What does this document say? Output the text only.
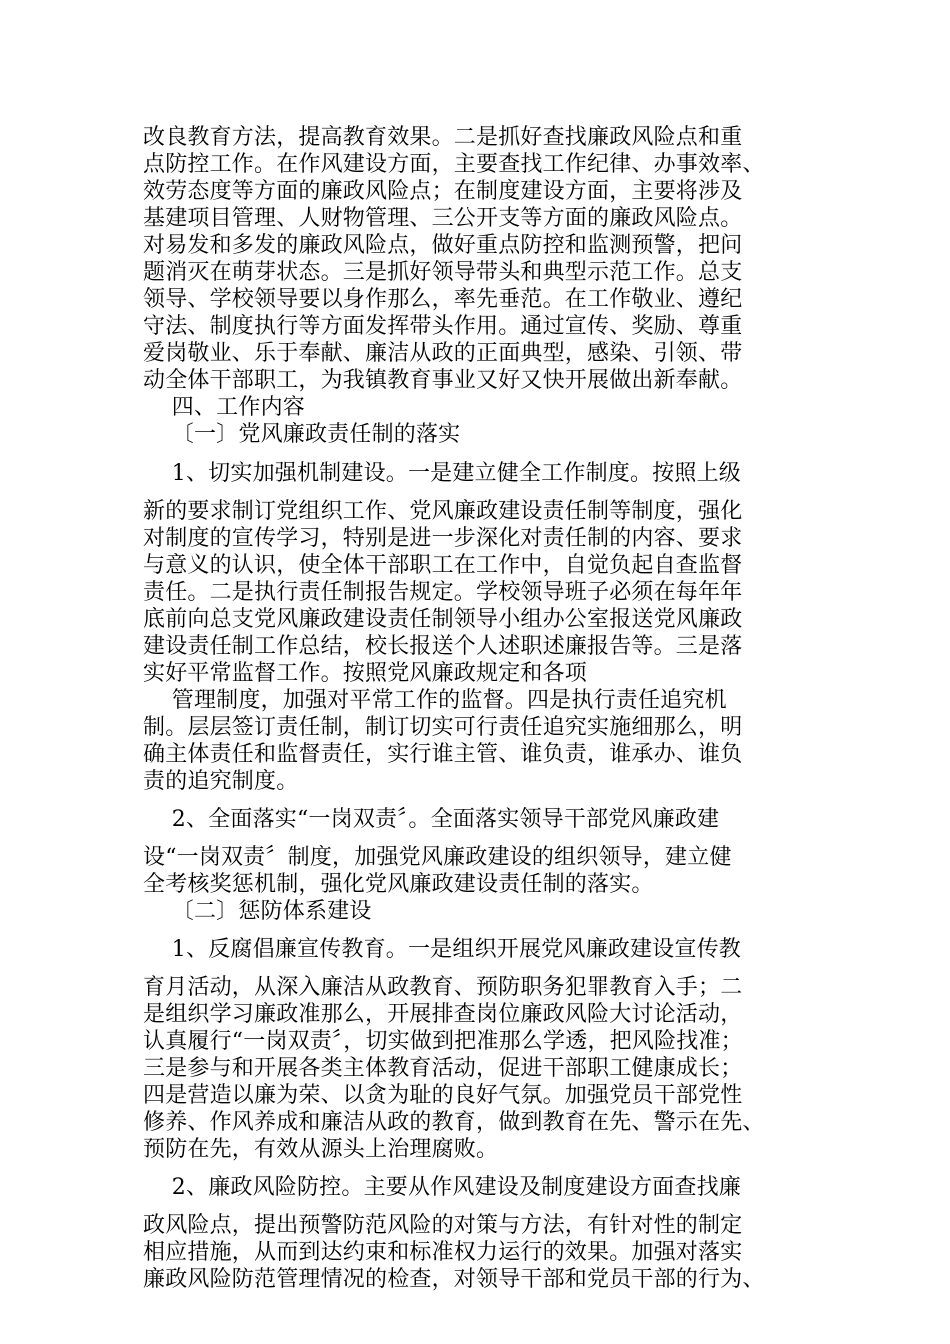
改良教育方法，提高教育效果。二是抓好查找廉政风险点和重
点防控工作。在作风建设方面，主要查找工作纪律、办事效率、
效劳态度等方面的廉政风险点；在制度建设方面，主要将涉及
基建项目管理、人财物管理、三公开支等方面的廉政风险点。
对易发和多发的廉政风险点，做好重点防控和监测预警，把问
题消灭在萌芽状态。三是抓好领导带头和典型示范工作。总支
领导、学校领导要以身作那么，率先垂范。在工作敬业、遵纪
守法、制度执行等方面发挥带头作用。通过宣传、奖励、尊重
爱岗敬业、乐于奉献、廉洁从政的正面典型，感染、引领、带
动全体干部职工，为我镇教育事业又好又快开展做出新奉献。
四、工作内容
〔一〕党风廉政责任制的落实
1、切实加强机制建设。一是建立健全工作制度。按照上级
新的要求制订党组织工作、党风廉政建设责任制等制度，强化
对制度的宣传学习，特别是进一步深化对责任制的内容、要求
与意义的认识，使全体干部职工在工作中，自觉负起自查监督
责任。二是执行责任制报告规定。学校领导班子必须在每年年
底前向总支党风廉政建设责任制领导小组办公室报送党风廉政
建设责任制工作总结，校长报送个人述职述廉报告等。三是落
实好平常监督工作。按照党风廉政规定和各项
管理制度，加强对平常工作的监督。四是执行责任追究机
制。层层签订责任制，制订切实可行责任追究实施细那么，明
确主体责任和监督责任，实行谁主管、谁负责，谁承办、谁负
责的追究制度。
2、全面落实“一岗双责〞。全面落实领导干部党风廉政建
设“一岗双责〞制度，加强党风廉政建设的组织领导，建立健
全考核奖惩机制，强化党风廉政建设责任制的落实。
〔二〕惩防体系建设
1、反腐倡廉宣传教育。一是组织开展党风廉政建设宣传教
育月活动，从深入廉洁从政教育、预防职务犯罪教育入手；二
是组织学习廉政准那么，开展排查岗位廉政风险大讨论活动，
认真履行“一岗双责〞，切实做到把准那么学透，把风险找准；
三是参与和开展各类主体教育活动，促进干部职工健康成长；
四是营造以廉为荣、以贪为耻的良好气氛。加强党员干部党性
修养、作风养成和廉洁从政的教育，做到教育在先、警示在先、
预防在先，有效从源头上治理腐败。
2、廉政风险防控。主要从作风建设及制度建设方面查找廉
政风险点，提出预警防范风险的对策与方法，有针对性的制定
相应措施，从而到达约束和标准权力运行的效果。加强对落实
廉政风险防范管理情况的检查，对领导干部和党员干部的行为、
